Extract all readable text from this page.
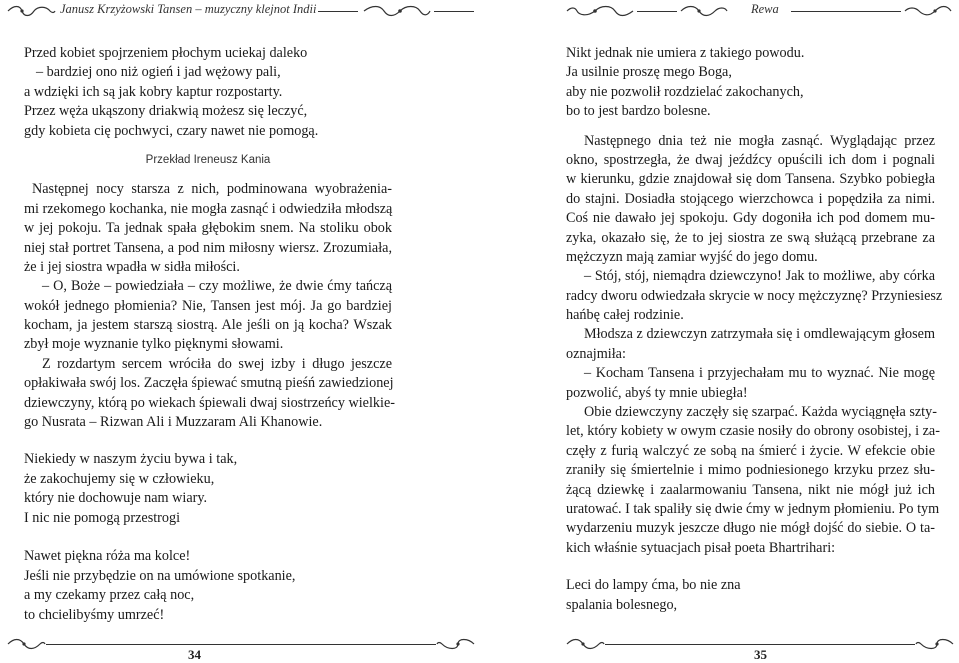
Janusz Krzyżowski Tansen – muzyczny klejnot Indii
Przed kobiet spojrzeniem płochym uciekaj daleko
– bardziej ono niż ogień i jad wężowy pali,
a wdzięki ich są jak kobry kaptur rozpostarty.
Przez węża ukąszony driakwią możesz się leczyć,
gdy kobieta cię pochwyci, czary nawet nie pomogą.
Przekład Ireneusz Kania
Następnej nocy starsza z nich, podminowana wyobrażenia-
mi rzekomego kochanka, nie mogła zasnąć i odwiedziła młodszą
w jej pokoju. Ta jednak spała głębokim snem. Na stoliku obok
niej stał portret Tansena, a pod nim miłosny wiersz. Zrozumiała,
że i jej siostra wpadła w sidła miłości.
– O, Boże – powiedziała – czy możliwe, że dwie ćmy tańczą
wokół jednego płomienia? Nie, Tansen jest mój. Ja go bardziej
kocham, ja jestem starszą siostrą. Ale jeśli on ją kocha? Wszak
zbył moje wyznanie tylko pięknymi słowami.
Z rozdartym sercem wróciła do swej izby i długo jeszcze
opłakiwała swój los. Zaczęła śpiewać smutną pieśń zawiedzionej
dziewczyny, którą po wiekach śpiewali dwaj siostrzeńcy wielkie-
go Nusrata – Rizwan Ali i Muzzaram Ali Khanowie.
Niekiedy w naszym życiu bywa i tak,
że zakochujemy się w człowieku,
który nie dochowuje nam wiary.
I nic nie pomogą przestrogi
Nawet piękna róża ma kolce!
Jeśli nie przybędzie on na umówione spotkanie,
a my czekamy przez całą noc,
to chcielibyśmy umrzeć!
34
Rewa
Nikt jednak nie umiera z takiego powodu.
Ja usilnie proszę mego Boga,
aby nie pozwolił rozdzielać zakochanych,
bo to jest bardzo bolesne.
Następnego dnia też nie mogła zasnąć. Wyglądając przez
okno, spostrzegła, że dwaj jeźdźcy opuścili ich dom i pognali
w kierunku, gdzie znajdował się dom Tansena. Szybko pobiegła
do stajni. Dosiadła stojącego wierzchowca i popędziła za nimi.
Coś nie dawało jej spokoju. Gdy dogoniła ich pod domem mu-
zyka, okazało się, że to jej siostra ze swą służącą przebrane za
mężczyzn mają zamiar wyjść do jego domu.
– Stój, stój, niemądra dziewczyno! Jak to możliwe, aby córka
radcy dworu odwiedzała skrycie w nocy mężczyznę? Przyniesiesz
hańbę całej rodzinie.
Młodsza z dziewczyn zatrzymała się i omdlewającym głosem
oznajmiła:
– Kocham Tansena i przyjechałam mu to wyznać. Nie mogę
pozwolić, abyś ty mnie ubiegła!
Obie dziewczyny zaczęły się szarpać. Każda wyciągnęła szty-
let, który kobiety w owym czasie nosiły do obrony osobistej, i za-
częły z furią walczyć ze sobą na śmierć i życie. W efekcie obie
zraniły się śmiertelnie i mimo podniesionego krzyku przez słu-
żącą dziewkę i zaalarmowaniu Tansena, nikt nie mógł już ich
uratować. I tak spaliły się dwie ćmy w jednym płomieniu. Po tym
wydarzeniu muzyk jeszcze długo nie mógł dojść do siebie. O ta-
kich właśnie sytuacjach pisał poeta Bhartrihari:
Leci do lampy ćma, bo nie zna
spalania bolesnego,
35
